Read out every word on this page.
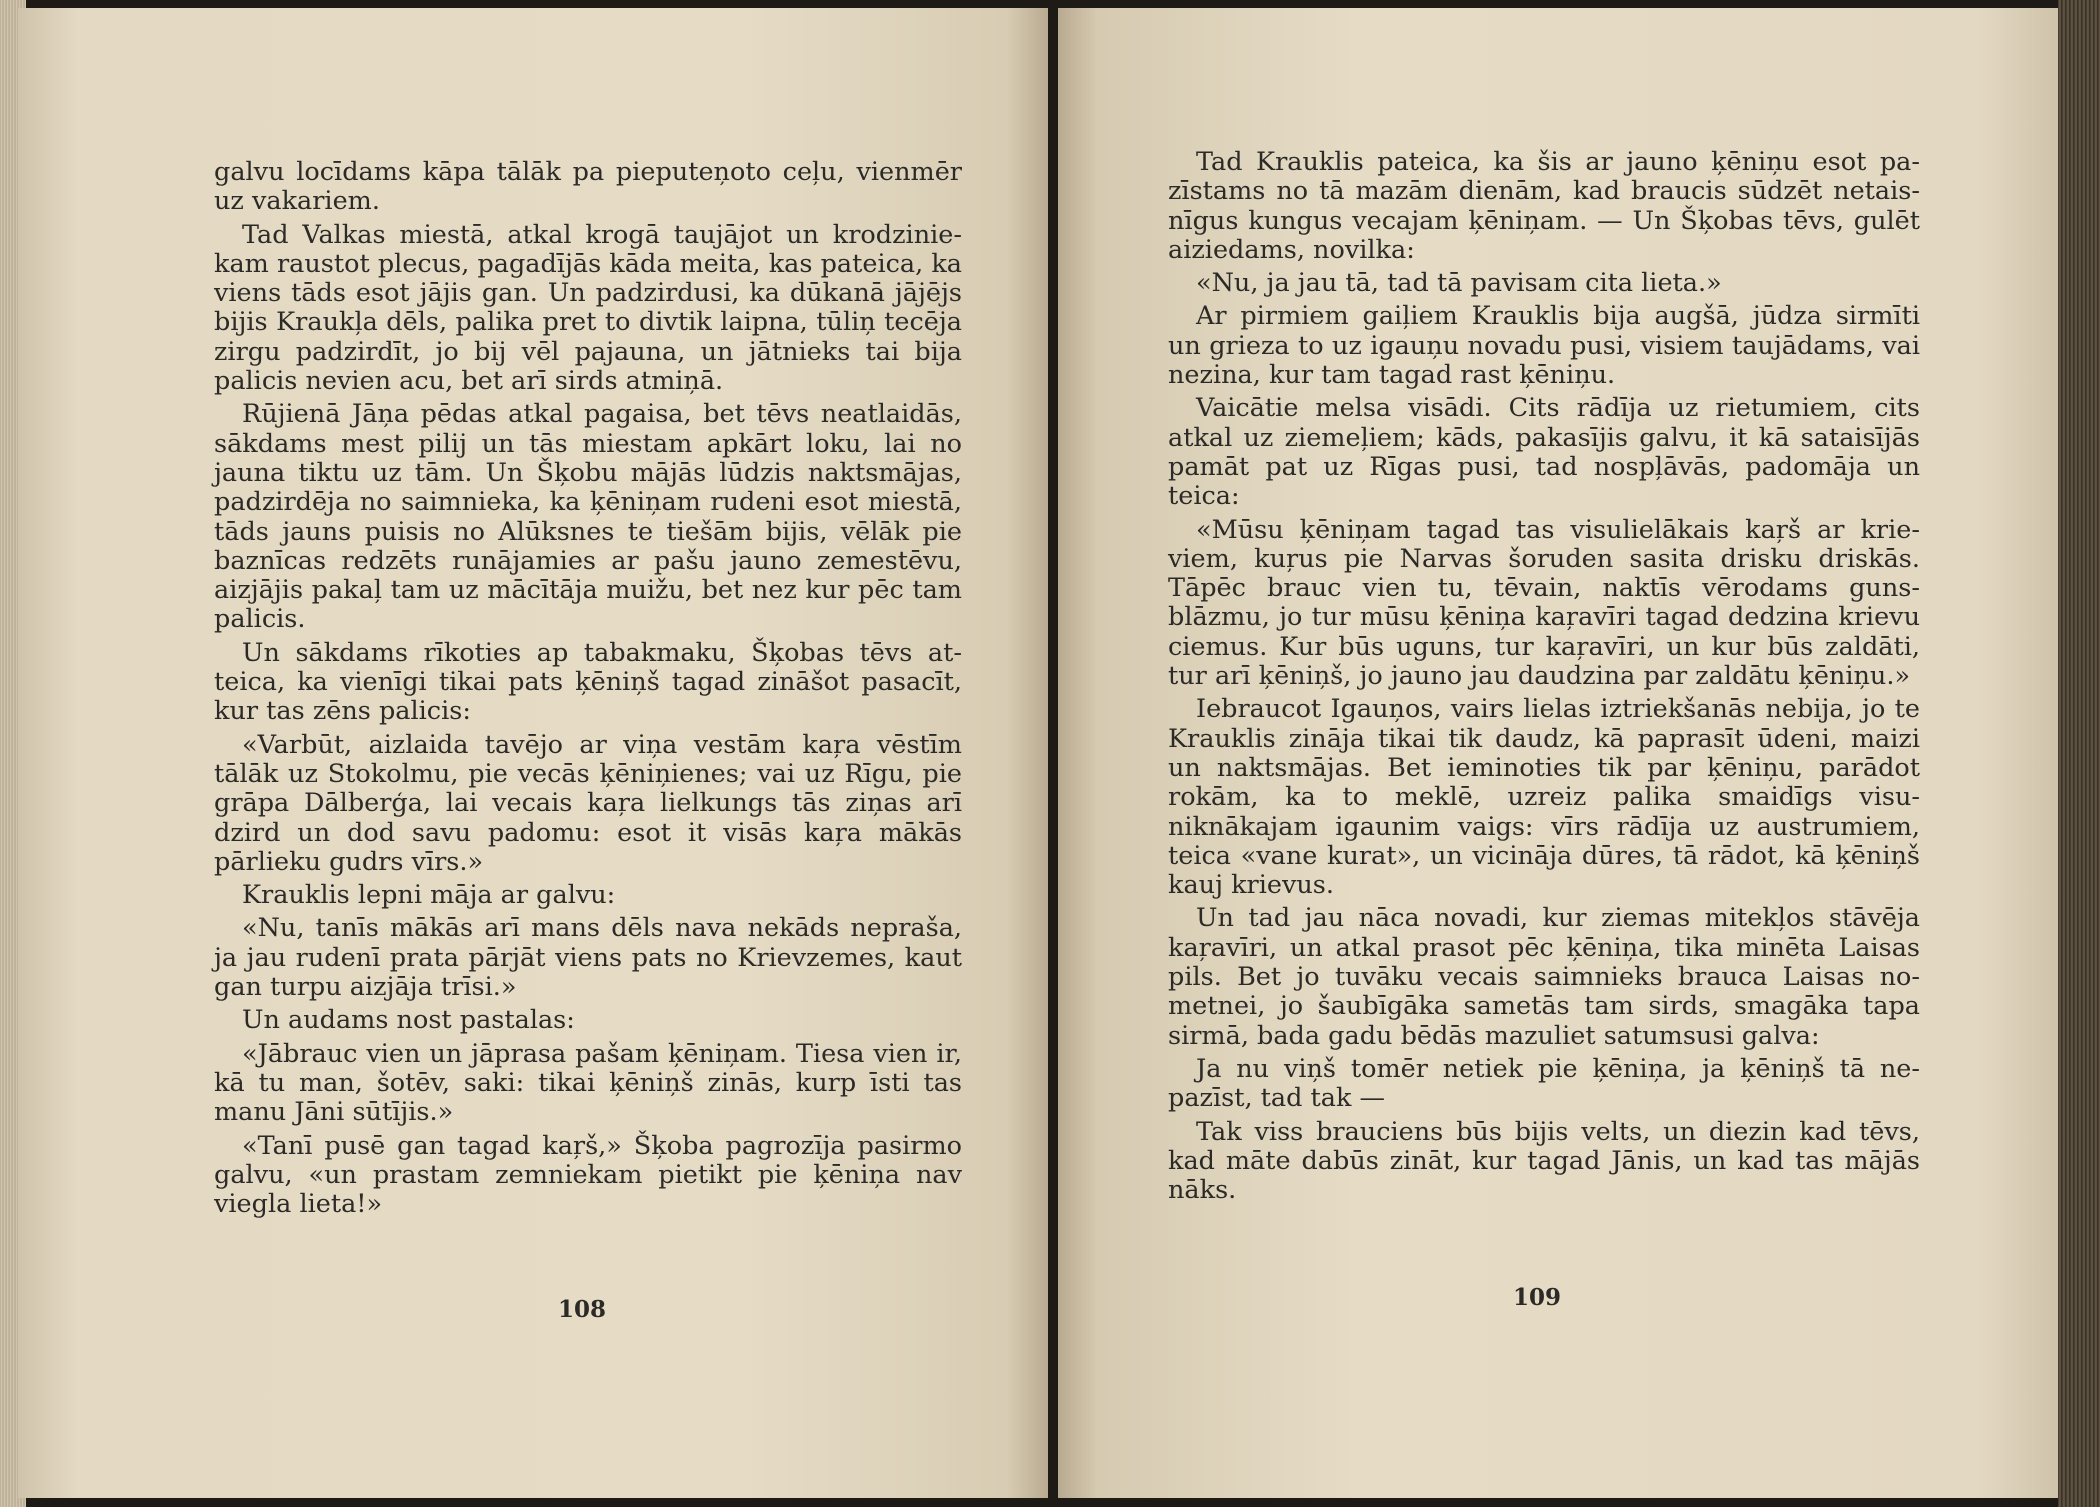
galvu locīdams kāpa tālāk pa pieputeņoto ceļu, vienmēr uz vakariem.

Tad Valkas miestā, atkal krogā taujājot un krodziniekam raustot plecus, pagadījās kāda meita, kas pateica, ka viens tāds esot jājis gan. Un padzirdusi, ka dūkanā jājējs bijis Kraukļa dēls, palika pret to divtik laipna, tūliņ tecēja zirgu padzirdīt, jo bij vēl pajauna, un jātnieks tai bija palicis nevien acu, bet arī sirds atmiņā.

Rūjienā Jāņa pēdas atkal pagaisa, bet tēvs neatlaidās, sākdams mest pilij un tās miestam apkārt loku, lai no jauna tiktu uz tām. Un Šķobu mājās lūdzis naktsmājas, padzirdēja no saimnieka, ka ķēniņam rudeni esot miestā, tāds jauns puisis no Alūksnes te tiešām bijis, vēlāk pie baznīcas redzēts runājamies ar pašu jauno zemestēvu, aizjājis pakaļ tam uz mācītāja muižu, bet nez kur pēc tam palicis.

Un sākdams rīkoties ap tabakmaku, Šķobas tēvs atteica, ka vienīgi tikai pats ķēniņš tagad zināšot pasacīt, kur tas zēns palicis:

«Varbūt, aizlaida tavējo ar viņa vestām kaŗa vēstīm tālāk uz Stokolmu, pie vecās ķēniņienes; vai uz Rīgu, pie grāpa Dālberģa, lai vecais kaŗa lielkungs tās ziņas arī dzird un dod savu padomu: esot it visās kaŗa mākās pārlieku gudrs vīrs.»

Krauklis lepni māja ar galvu:

«Nu, tanīs mākās arī mans dēls nava nekāds nepraša, ja jau rudenī prata pārjāt viens pats no Krievzemes, kaut gan turpu aizjāja trīsi.»

Un audams nost pastalas:

«Jābrauc vien un jāprasa pašam ķēniņam. Tiesa vien ir, kā tu man, šotēv, saki: tikai ķēniņš zinās, kurp īsti tas manu Jāni sūtījis.»

«Tanī pusē gan tagad kaŗš,» Šķoba pagrozīja pasirmo galvu, «un prastam zemniekam pietikt pie ķēniņa nav viegla lieta!»

108

Tad Krauklis pateica, ka šis ar jauno ķēniņu esot pazīstams no tā mazām dienām, kad braucis sūdzēt netaisnīgus kungus vecajam ķēniņam. — Un Šķobas tēvs, gulēt aiziedams, novilka:

«Nu, ja jau tā, tad tā pavisam cita lieta.»

Ar pirmiem gaiļiem Krauklis bija augšā, jūdza sirmīti un grieza to uz igauņu novadu pusi, visiem taujādams, vai nezina, kur tam tagad rast ķēniņu.

Vaicātie melsa visādi. Cits rādīja uz rietumiem, cits atkal uz ziemeļiem; kāds, pakasījis galvu, it kā sataisījās pamāt pat uz Rīgas pusi, tad nospļāvās, padomāja un teica:

«Mūsu ķēniņam tagad tas visulielākais kaŗš ar krieviem, kuŗus pie Narvas šoruden sasita drisku driskās. Tāpēc brauc vien tu, tēvain, naktīs vērodams gunsblāzmu, jo tur mūsu ķēniņa kaŗavīri tagad dedzina krievu ciemus. Kur būs uguns, tur kaŗavīri, un kur būs zaldāti, tur arī ķēniņš, jo jauno jau daudzina par zaldātu ķēniņu.»

Iebraucot Igauņos, vairs lielas iztriekšanās nebija, jo te Krauklis zināja tikai tik daudz, kā paprasīt ūdeni, maizi un naktsmājas. Bet ieminoties tik par ķēniņu, parādot rokām, ka to meklē, uzreiz palika smaidīgs visuniknākajam igaunim vaigs: vīrs rādīja uz austrumiem, teica «vane kurat», un vicināja dūres, tā rādot, kā ķēniņš kauj krievus.

Un tad jau nāca novadi, kur ziemas mitekļos stāvēja kaŗavīri, un atkal prasot pēc ķēniņa, tika minēta Laisas pils. Bet jo tuvāku vecais saimnieks brauca Laisas nometnei, jo šaubīgāka sametās tam sirds, smagāka tapa sirmā, bada gadu bēdās mazuliet satumsusi galva:

Ja nu viņš tomēr netiek pie ķēniņa, ja ķēniņš tā nepazīst, tad tak —

Tak viss brauciens būs bijis velts, un diezin kad tēvs, kad māte dabūs zināt, kur tagad Jānis, un kad tas mājās nāks.

109
